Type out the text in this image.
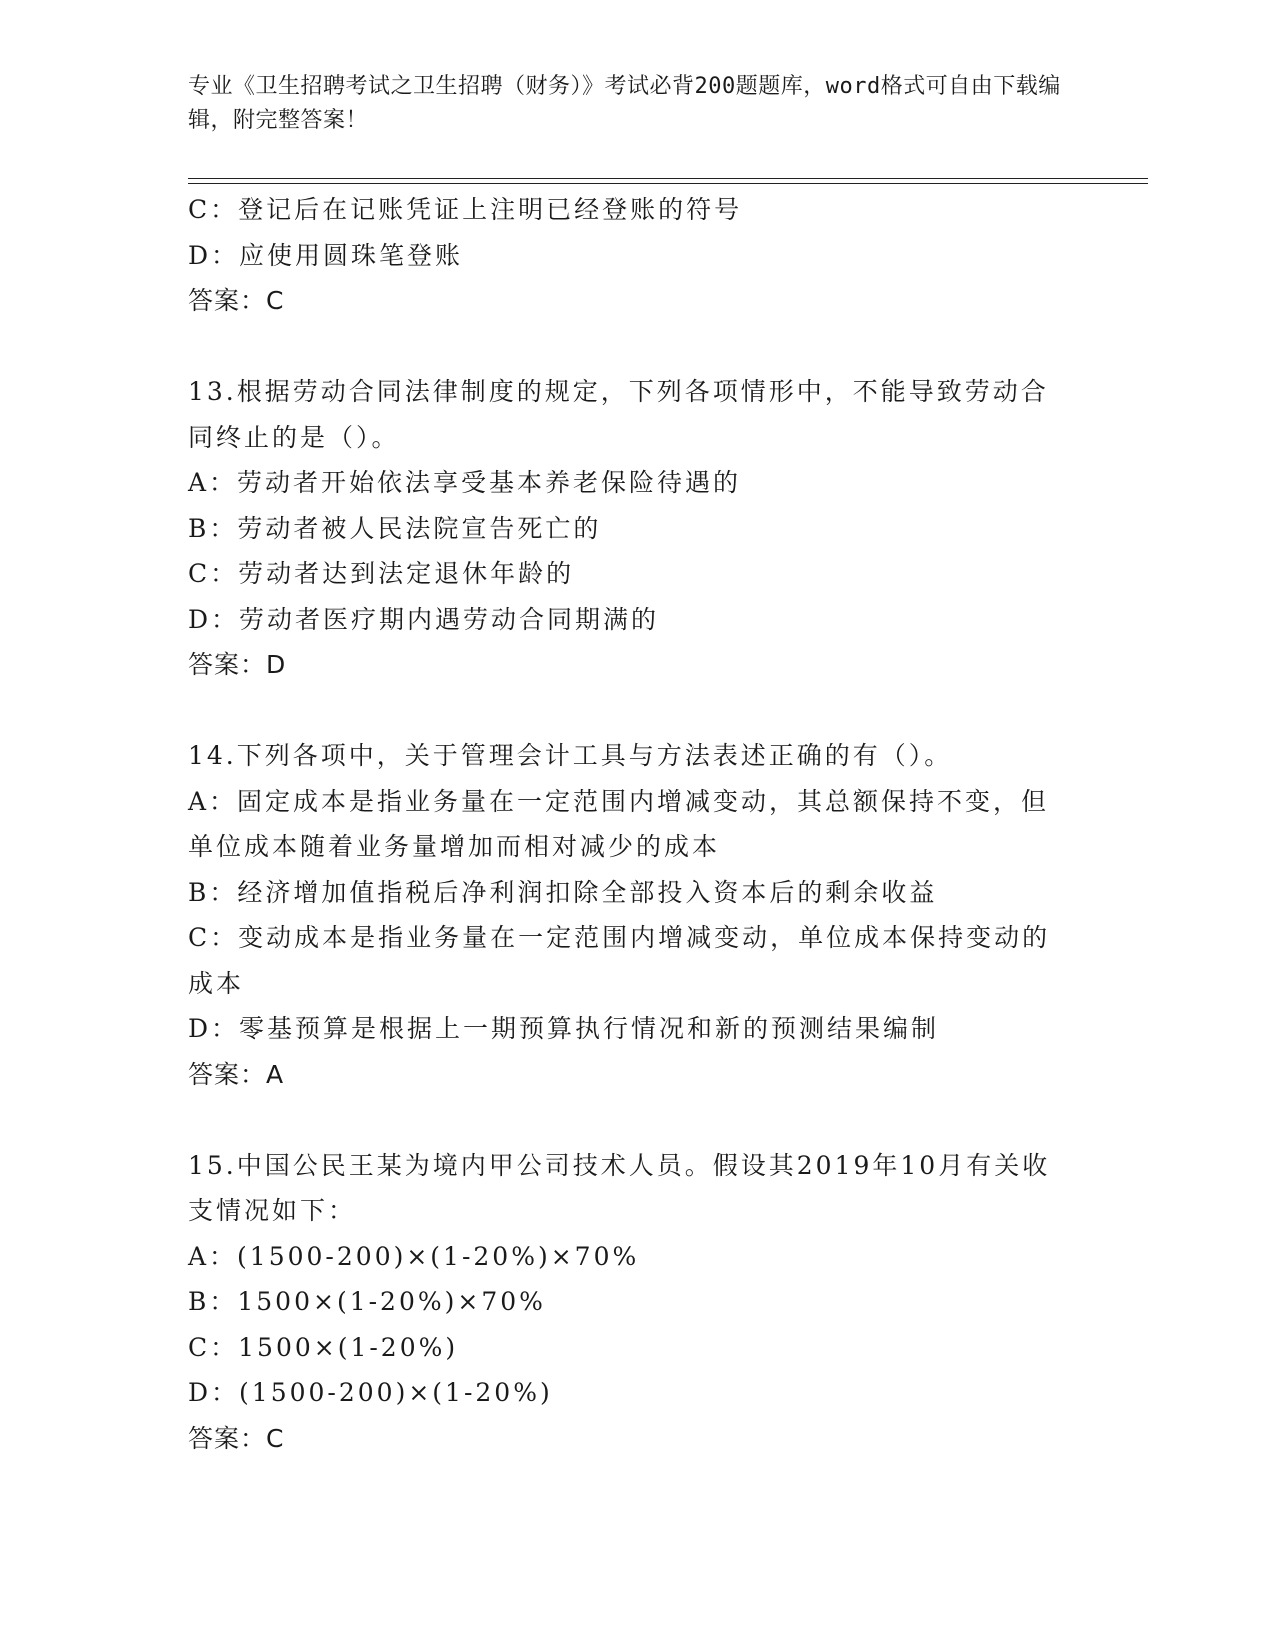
专业《卫生招聘考试之卫生招聘（财务）》考试必背200题题库，word格式可自由下载编辑，附完整答案！
C：登记后在记账凭证上注明已经登账的符号
D：应使用圆珠笔登账
答案：C
13.根据劳动合同法律制度的规定，下列各项情形中，不能导致劳动合
同终止的是（）。
A：劳动者开始依法享受基本养老保险待遇的
B：劳动者被人民法院宣告死亡的
C：劳动者达到法定退休年龄的
D：劳动者医疗期内遇劳动合同期满的
答案：D
14.下列各项中，关于管理会计工具与方法表述正确的有（）。
A：固定成本是指业务量在一定范围内增减变动，其总额保持不变，但
单位成本随着业务量增加而相对减少的成本
B：经济增加值指税后净利润扣除全部投入资本后的剩余收益
C：变动成本是指业务量在一定范围内增减变动，单位成本保持变动的
成本
D：零基预算是根据上一期预算执行情况和新的预测结果编制
答案：A
15.中国公民王某为境内甲公司技术人员。假设其2019年10月有关收
支情况如下：
A：(1500-200)×(1-20%)×70%
B：1500×(1-20%)×70%
C：1500×(1-20%)
D：(1500-200)×(1-20%)
答案：C
